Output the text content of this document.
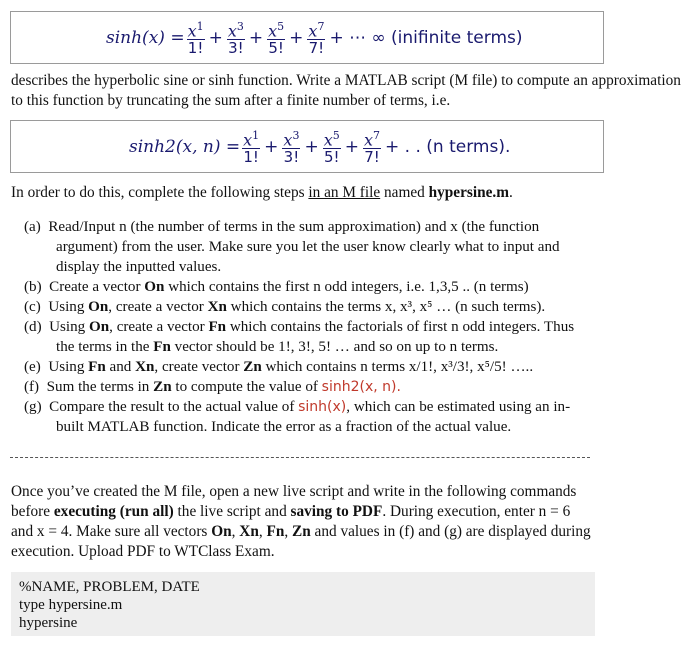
$\sinh(x) = \frac{x^1}{1!} + \frac{x^3}{3!} + \frac{x^5}{5!} + \frac{x^7}{7!}$ + ⋯ ∞ (inifinite terms)
describes the hyperbolic sine or sinh function. Write a MATLAB script (M file) to compute an approximation to this function by truncating the sum after a finite number of terms, i.e.
sinh2(x, $n) = \frac{x^1}{1!} + \frac{x^3}{3!} + \frac{x^5}{5!} + \frac{x^7}{7!}$ + . . (n terms).
In order to do this, complete the following steps in an M file named hypersine.m.
(a) Read/Input n (the number of terms in the sum approximation) and x (the function argument) from the user. Make sure you let the user know clearly what to input and display the inputted values.
(b) Create a vector On which contains the first n odd integers, i.e. 1,3,5 .. (n terms)
(c) Using On, create a vector Xn which contains the terms x, x³, x⁵ … (n such terms).
(d) Using On, create a vector Fn which contains the factorials of first n odd integers. Thus the terms in the Fn vector should be 1!, 3!, 5! … and so on up to n terms.
(e) Using Fn and Xn, create vector Zn which contains n terms x/1!, x³/3!, x⁵/5! …..
(f) Sum the terms in Zn to compute the value of sinh2(x, n).
(g) Compare the result to the actual value of sinh(x), which can be estimated using an in-built MATLAB function. Indicate the error as a fraction of the actual value.
Once you’ve created the M file, open a new live script and write in the following commands before executing (run all) the live script and saving to PDF. During execution, enter n = 6 and x = 4. Make sure all vectors On, Xn, Fn, Zn and values in (f) and (g) are displayed during execution. Upload PDF to WTClass Exam.
%NAME, PROBLEM, DATE
type hypersine.m
hypersine
